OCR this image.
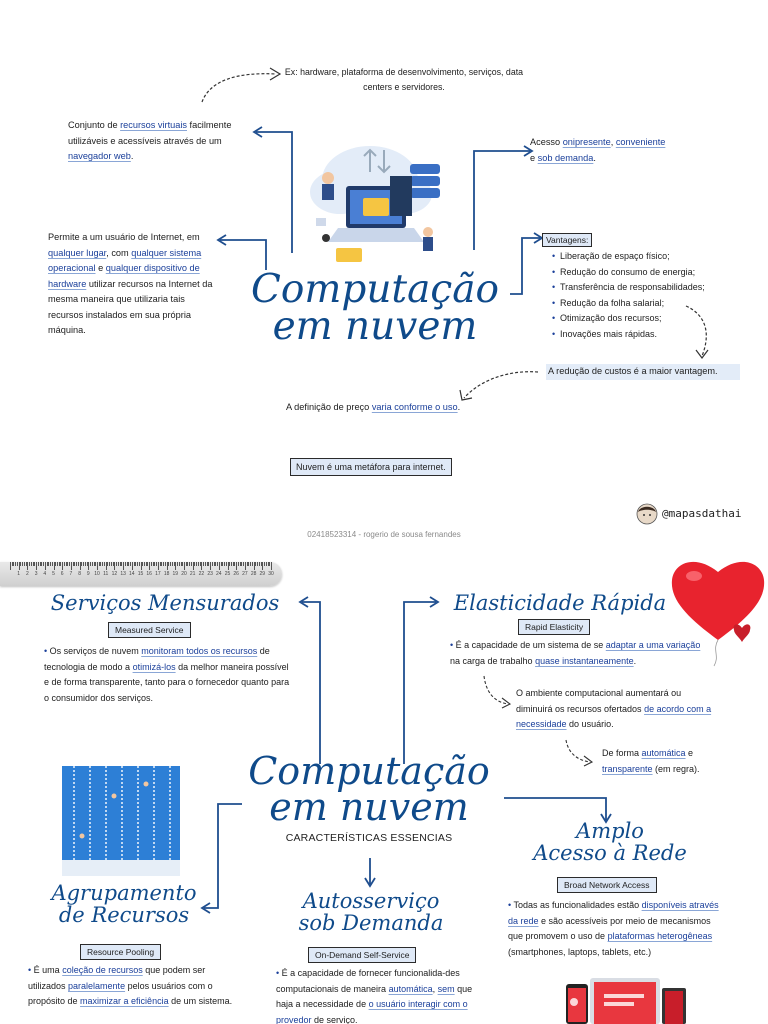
Ex: hardware, plataforma de desenvolvimento, serviços, data centers e servidores.
Conjunto de recursos virtuais facilmente utilizáveis e acessíveis através de um navegador web.
Acesso onipresente, conveniente e sob demanda.
Permite a um usuário de Internet, em qualquer lugar, com qualquer sistema operacional e qualquer dispositivo de hardware utilizar recursos na Internet da mesma maneira que utilizaria tais recursos instalados em sua própria máquina.
Computação
em nuvem
Vantagens:
• Liberação de espaço físico;
• Redução do consumo de energia;
• Transferência de responsabilidades;
• Redução da folha salarial;
• Otimização dos recursos;
• Inovações mais rápidas.
A redução de custos é a maior vantagem.
A definição de preço varia conforme o uso.
Nuvem é uma metáfora para internet.
@mapasdathai
02418523314 - rogerio de sousa fernandes
1 2 3 4 5 6 7 8 9 10 11 12 13 14 15 16 17 18 19 20 21 22 23 24 25 26 27 28 29 30
Serviços Mensurados
Measured Service
• Os serviços de nuvem monitoram todos os recursos de tecnologia de modo a otimizá-los da melhor maneira possível e de forma transparente, tanto para o fornecedor quanto para o consumidor dos serviços.
Elasticidade Rápida
Rapid Elasticity
• É a capacidade de um sistema de se adaptar a uma variação na carga de trabalho quase instantaneamente.
O ambiente computacional aumentará ou diminuirá os recursos ofertados de acordo com a necessidade do usuário.
De forma automática e transparente (em regra).
Computação
em nuvem
CARACTERÍSTICAS ESSENCIAS
Agrupamento
de Recursos
Resource Pooling
• É uma coleção de recursos que podem ser utilizados paralelamente pelos usuários com o propósito de maximizar a eficiência de um sistema.
Autosserviço
sob Demanda
On-Demand Self-Service
• É a capacidade de fornecer funcionalida-des computacionais de maneira automática, sem que haja a necessidade de o usuário interagir com o provedor de serviço.
Amplo
Acesso à Rede
Broad Network Access
• Todas as funcionalidades estão disponíveis através da rede e são acessíveis por meio de mecanismos que promovem o uso de plataformas heterogêneas (smartphones, laptops, tablets, etc.)
